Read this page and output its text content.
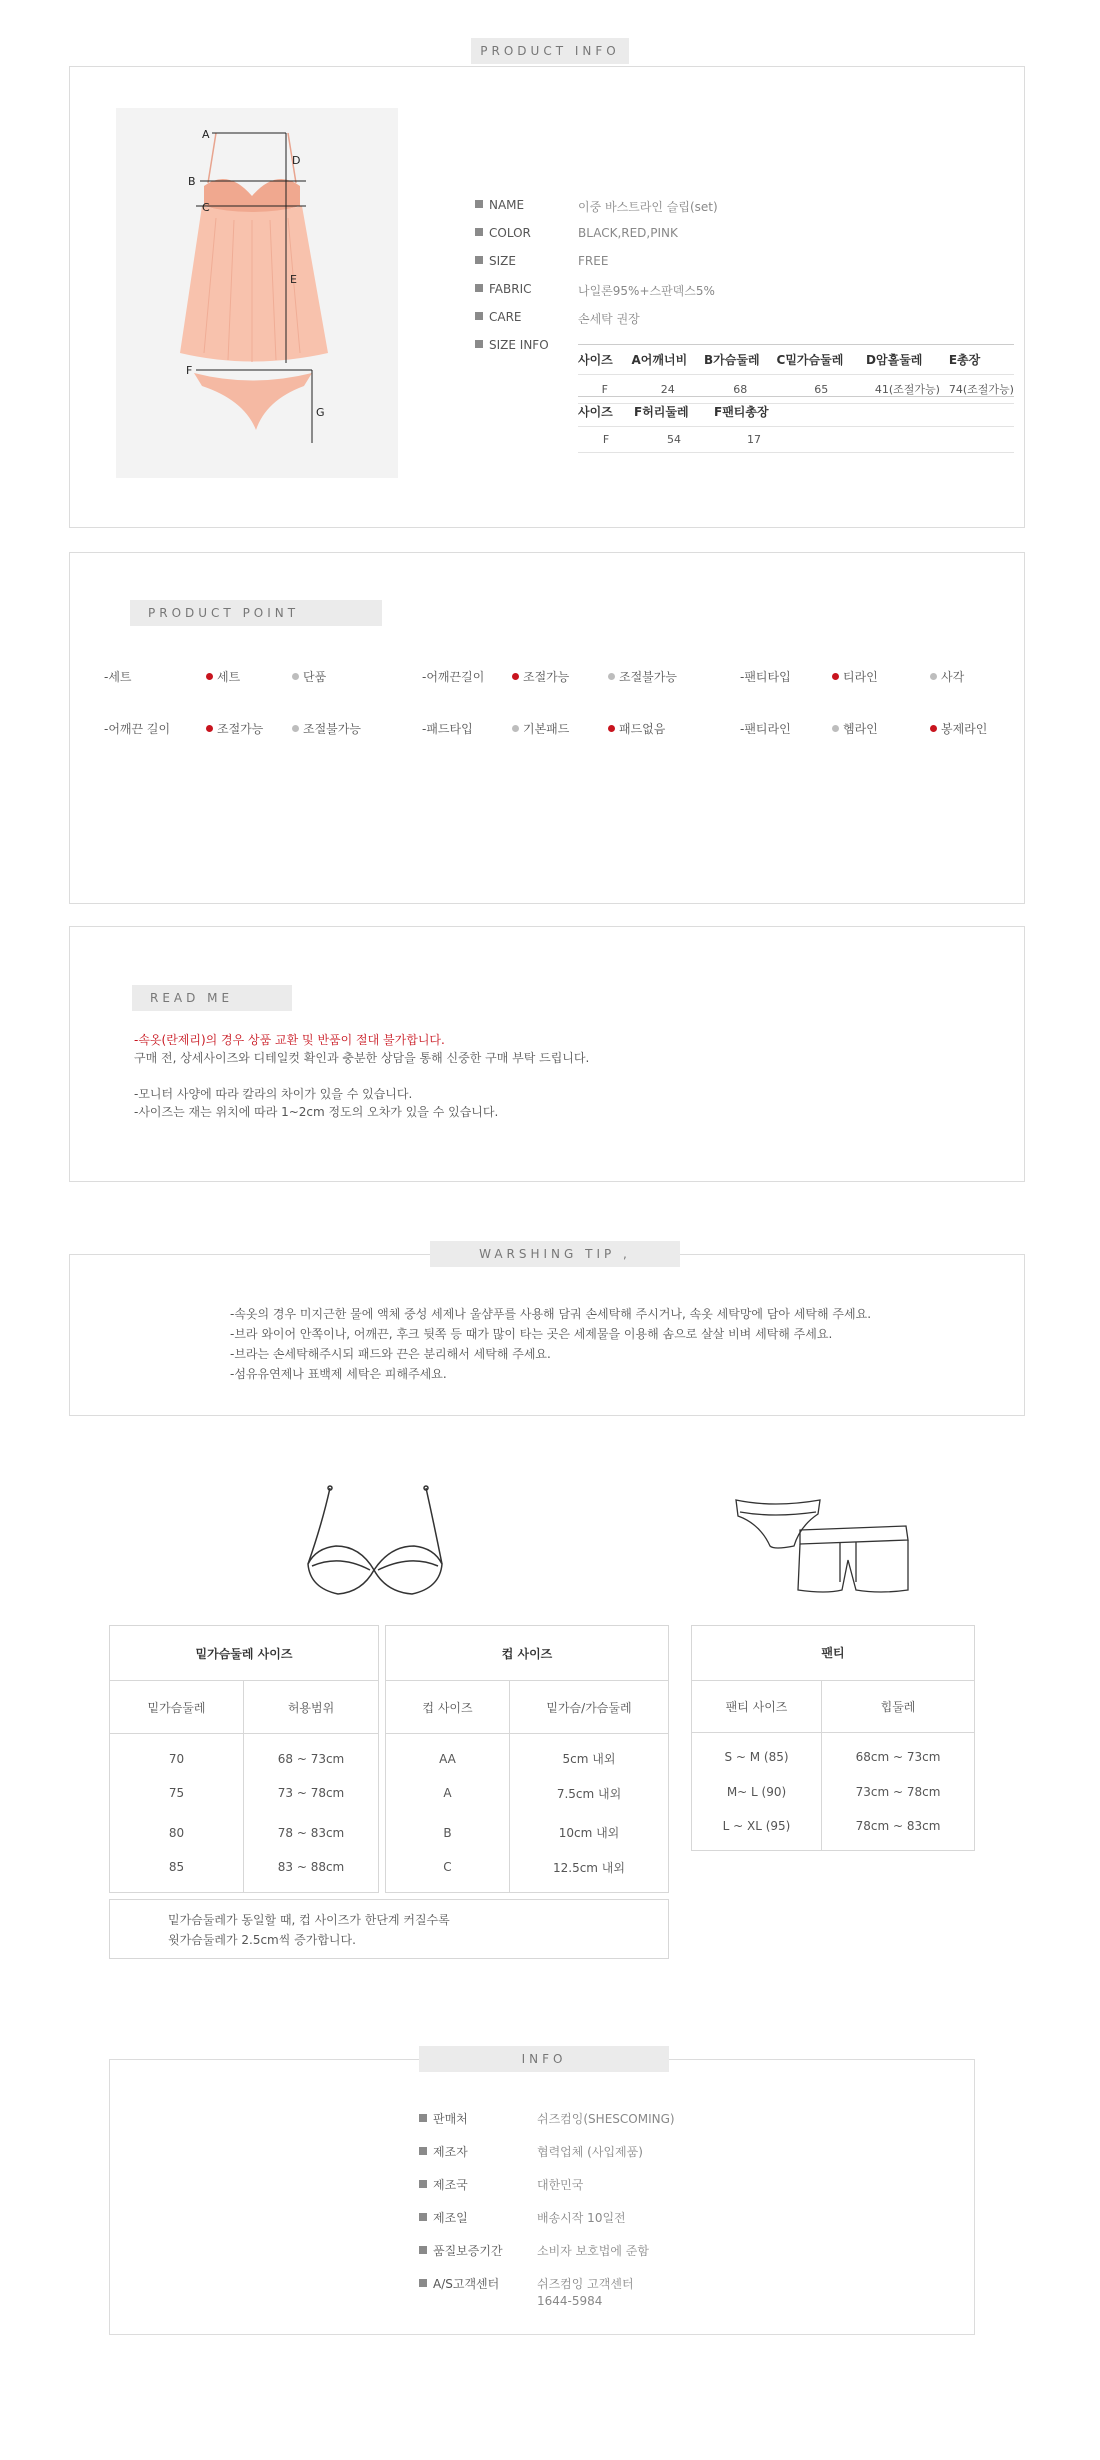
PRODUCT INFO
A
B
C
D
E
F
G
NAME	이중 바스트라인 슬립(set)
COLOR	BLACK,RED,PINK
SIZE	FREE
FABRIC	나일론95%+스판덱스5%
CARE	손세탁 권장
SIZE INFO
사이즈	A어깨너비	B가슴둘레	C밑가슴둘레	D암홀둘레	E총장
F	24	68	65	41(조절가능)	74(조절가능)
사이즈	F허리둘레	F팬티총장	
F	54	17	
PRODUCT POINT
-세트	세트	단품	-어깨끈길이	조절가능	조절불가능	-팬티타입	티라인	사각
-어깨끈 길이	조절가능	조절불가능	-패드타입	기본패드	패드없음	-팬티라인	헴라인	봉제라인
READ ME
-속옷(란제리)의 경우 상품 교환 및 반품이 절대 불가합니다.
구매 전, 상세사이즈와 디테일컷 확인과 충분한 상담을 통해 신중한 구매 부탁 드립니다.
-모니터 사양에 따라 칼라의 차이가 있을 수 있습니다.
-사이즈는 재는 위치에 따라 1~2cm 정도의 오차가 있을 수 있습니다.
WARSHING TIP ,
-속옷의 경우 미지근한 물에 액체 중성 세제나 울샴푸를 사용해 담궈 손세탁해 주시거나, 속옷 세탁망에 담아 세탁해 주세요.
-브라 와이어 안쪽이나, 어깨끈, 후크 뒷쪽 등 때가 많이 타는 곳은 세제물을 이용해 솜으로 살살 비벼 세탁해 주세요.
-브라는 손세탁해주시되 패드와 끈은 분리해서 세탁해 주세요.
-섬유유연제나 표백제 세탁은 피해주세요.
밑가슴둘레 사이즈	
밑가슴둘레	허용범위
70	68 ~ 73cm
75	73 ~ 78cm
80	78 ~ 83cm
85	83 ~ 88cm
컵 사이즈	
컵 사이즈	밑가슴/가슴둘레
AA	5cm 내외
A	7.5cm 내외
B	10cm 내외
C	12.5cm 내외
팬티	
팬티 사이즈	힙둘레
S ~ M (85)	68cm ~ 73cm
M~ L (90)	73cm ~ 78cm
L ~ XL (95)	78cm ~ 83cm
밑가슴둘레가 동일할 때, 컵 사이즈가 한단계 커질수록
윗가슴둘레가 2.5cm씩 증가합니다.
INFO
판매처	쉬즈컴잉(SHESCOMING)
제조자	협력업체 (사입제품)
제조국	대한민국
제조일	배송시작 10일전
품질보증기간	소비자 보호법에 준함
A/S고객센터	쉬즈컴잉 고객센터
1644-5984
